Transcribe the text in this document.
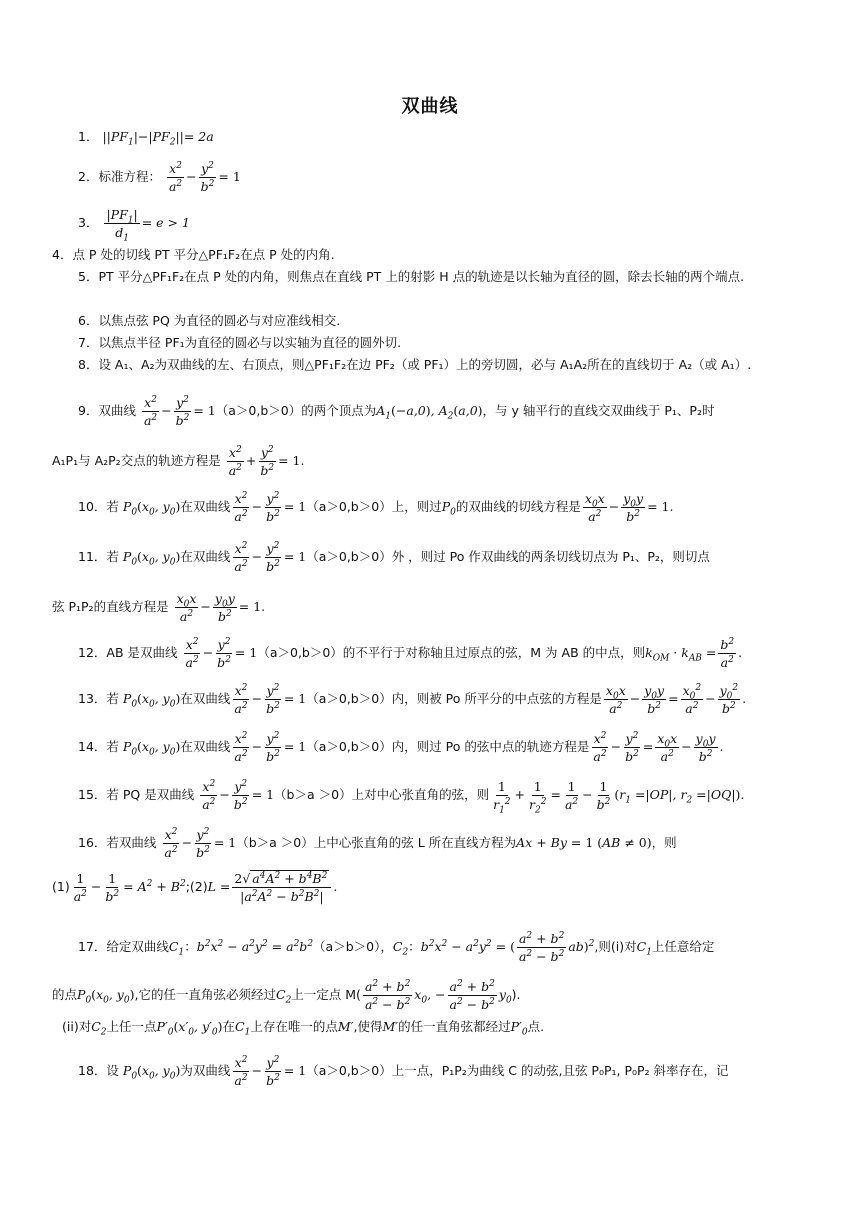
双曲线
1． $||PF_1|-|PF_2||= 2a$
2．标准方程： $\frac{x^2}{a^2} - \frac{y^2}{b^2} = 1$
3． $\frac{|PF_1|}{d_1} = e > 1$
4．点 P 处的切线 PT 平分△PF₁F₂在点 P 处的内角.
5．PT 平分△PF₁F₂在点 P 处的内角，则焦点在直线 PT 上的射影 H 点的轨迹是以长轴为直径的圆，除去长轴的两个端点.
6．以焦点弦 PQ 为直径的圆必与对应准线相交.
7．以焦点半径 PF₁为直径的圆必与以实轴为直径的圆外切.
8．设 A₁、A₂为双曲线的左、右顶点，则△PF₁F₂在边 PF₂（或 PF₁）上的旁切圆，必与 A₁A₂所在的直线切于 A₂（或 A₁）.
9．双曲线 $\frac{x^2}{a^2} - \frac{y^2}{b^2} = 1(a>0,b>0)$的两个顶点为$A_1(-a,0)$, $A_2(a,0)$，与 y 轴平行的直线交双曲线于 P₁、P₂时
A₁P₁与 A₂P₂交点的轨迹方程是 $\frac{x^2}{a^2} + \frac{y^2}{b^2} = 1$.
10．若 $P_0(x_0$, $y_0$)在双曲线 $\frac{x^2}{a^2} - \frac{y^2}{b^2} = 1(a>0,b>0)$上，则过$P_0$的双曲线的切线方程是 $\frac{x_0x}{a^2} - \frac{y_0y}{b^2} = 1$.
11．若 $P_0(x_0$, $y_0$)在双曲线 $\frac{x^2}{a^2} - \frac{y^2}{b^2} = 1(a>0,b>0)$外 ，则过 Po 作双曲线的两条切线切点为 P₁、P₂，则切点
弦 P₁P₂的直线方程是 $\frac{x_0x}{a^2} - \frac{y_0y}{b^2} = 1$.
12．AB 是双曲线 $\frac{x^2}{a^2} - \frac{y^2}{b^2} = 1(a>0,b>0)$的不平行于对称轴且过原点的弦，M 为 AB 的中点，则$k_{OM} \cdot k_{AB} = \frac{b^2}{a^2}$ .
13．若 $P_0(x_0$, $y_0$)在双曲线 $\frac{x^2}{a^2} - \frac{y^2}{b^2} = 1(a>0,b>0)$内，则被 Po 所平分的中点弦的方程是 $\frac{x_0x}{a^2} - \frac{y_0y}{b^2} = \frac{x_0^2}{a^2} - \frac{y_0^2}{b^2}$ .
14．若 $P_0(x_0$, $y_0$)在双曲线 $\frac{x^2}{a^2} - \frac{y^2}{b^2} = 1(a>0,b>0)$内，则过 Po 的弦中点的轨迹方程是 $\frac{x^2}{a^2} - \frac{y^2}{b^2} = \frac{x_0x}{a^2} - \frac{y_0y}{b^2}$ .
15．若 PQ 是双曲线 $\frac{x^2}{a^2} - \frac{y^2}{b^2} = 1(b>a >0)$上对中心张直角的弦，则 $\frac{1}{r_1^2} + \frac{1}{r_2^2} = \frac{1}{a^2} - \frac{1}{b^2} (r_1 =|OP|$, $r_2 =|OQ|$).
16．若双曲线 $\frac{x^2}{a^2} - \frac{y^2}{b^2} = 1(b>a >0)$上中心张直角的弦 L 所在直线方程为Ax + By = 1 (AB ≠ 0)，则
$(1) \frac{1}{a^2} - \frac{1}{b^2} = A^2$ + $B^2;(2)L = \frac{2√ a^4A^2 + b^4B^2}{|a^2A^2 - b^2B^2|}$ .
17．给定双曲线$C_1$：$b^2x^2 - a^2y^2 = a^2b^2(a>b>0)$，$C_2$：$b^2x^2 - a^2y^2$ = ( $\frac{a^2 + b^2}{a^2 - b^2} ab)^2$,则(i)对$C_1$上任意给定
的点$P_0(x_0$, $y_0$),它的任一直角弦必须经过$C_2$上一定点 $M( \frac{a^2 + b^2}{a^2 - b^2} x_0$, − $\frac{a^2 + b^2}{a^2 - b^2} y_0$).
(ii)对$C_2$上任一点$P'_0(x'_0$, $y'_0$)在$C_1$上存在唯一的点M′,使得M′的任一直角弦都经过$P'_0$点.
18．设 $P_0(x_0$, $y_0$)为双曲线 $\frac{x^2}{a^2} - \frac{y^2}{b^2} = 1(a>0,b>0)$上一点，P₁P₂为曲线 C 的动弦,且弦 P₀P₁, P₀P₂ 斜率存在，记
